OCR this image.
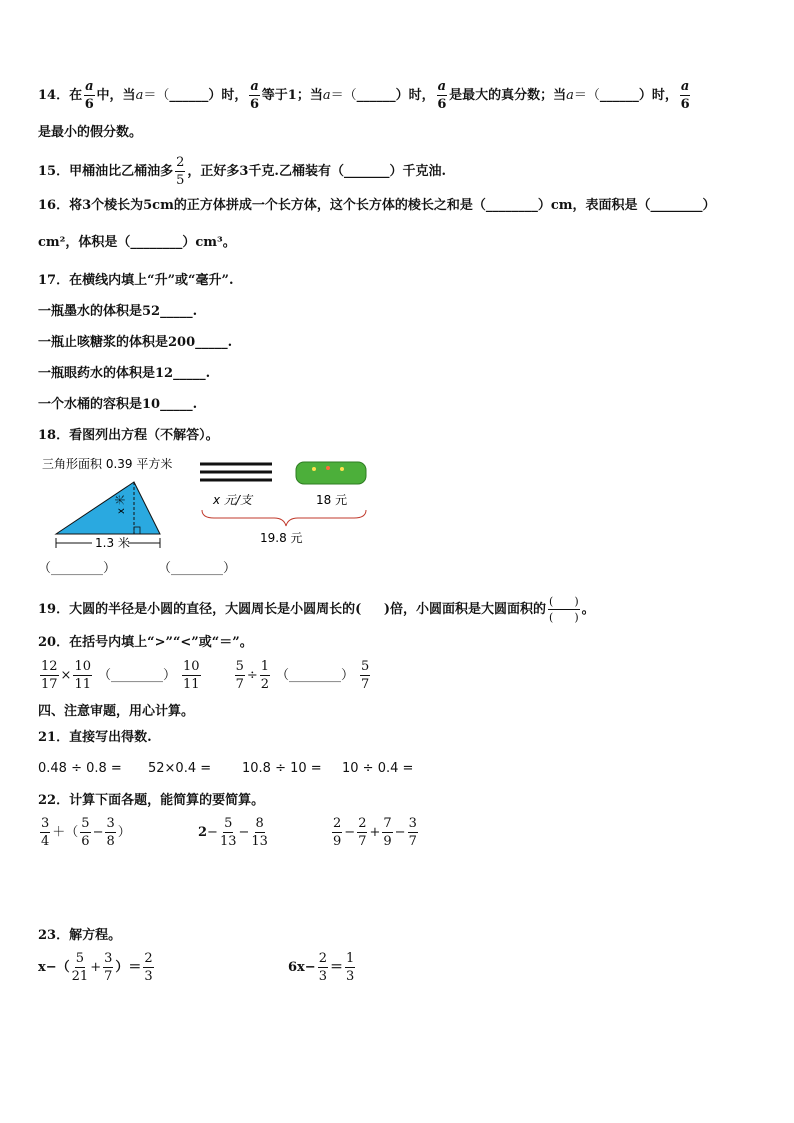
14． 在 $\frac{a}{6}$ 中，当 a ＝（ ______ ）时， $\frac{a}{6}$ 等于1；当 a ＝（ ______ ）时， $\frac{a}{6}$ 是最大的真分数；当 a ＝（ ______ ）时， $\frac{a}{6}$
是最小的假分数。
15． 甲桶油比乙桶油多 $\frac{2}{5}$ ，正好多3千克.乙桶装有（ _______ ）千克油.
16． 将3个棱长为5cm的正方体拼成一个长方体，这个长方体的棱长之和是（ ________ ）cm，表面积是（ ________ ）
cm²，体积是（ ________ ）cm³。
17． 在横线内填上“升”或“毫升”.
一瓶墨水的体积是52_____.
一瓶止咳糖浆的体积是200_____.
一瓶眼药水的体积是12_____.
一个水桶的容积是10_____.
18． 看图列出方程（不解答）。
三角形面积 0.39 平方米
x 米
1.3 米
x 元/支	18 元
19.8 元
（________）	（________）
19． 大圆的半径是小圆的直径，大圆周长是小圆周长的(
)倍，小圆面积是大圆面积的 $\frac{( )}{( )}$ 。
20． 在括号内填上“>”“<”或“＝”。
$\frac{12}{17} \times \frac{10}{11}$ （________） $\frac{10}{11}$	$\frac{5}{7} \div \frac{1}{2}$ （________） $\frac{5}{7}$
四、注意审题，用心计算。
21． 直接写出得数.
0.48 ÷ 0.8 =	52×0.4 =	10.8 ÷ 10 =	10 ÷ 0.4 =
22． 计算下面各题，能简算的要简算。
$\frac{3}{4}$ ＋（ $\frac{5}{6} - \frac{3}{8}$ ）	$2 - \frac{5}{13} - \frac{8}{13}$	$\frac{2}{9} - \frac{2}{7} + \frac{7}{9} - \frac{3}{7}$
23． 解方程。
$x-( \frac{5}{21} + \frac{3}{7}$ ）＝ $\frac{2}{3}$	$6x- \frac{2}{3} = \frac{1}{3}$
